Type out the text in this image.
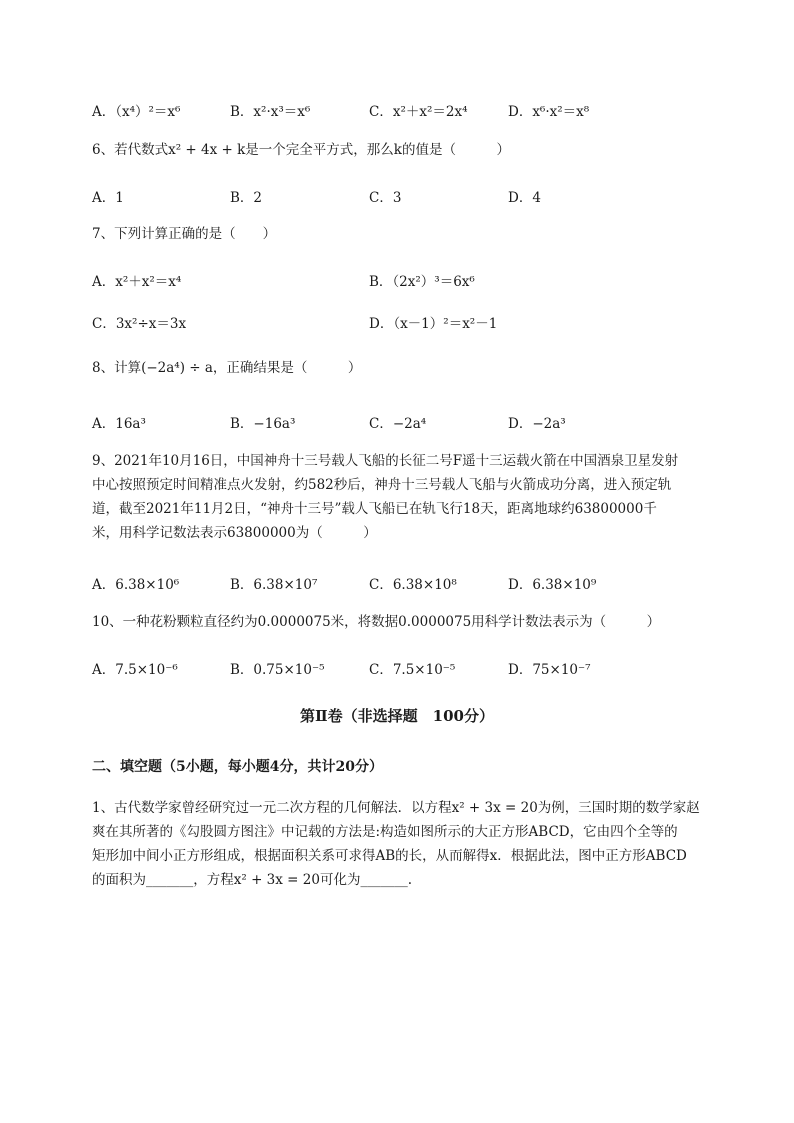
A．（x⁴）²＝x⁶	B．x²·x³＝x⁶	C．x²＋x²＝2x⁴	D．x⁶·x²＝x⁸
6、若代数式x² + 4x + k是一个完全平方式，那么k的值是（　　　）
A．1	B．2	C．3	D．4
7、下列计算正确的是（　　）
A．x²＋x²＝x⁴	B．（2x²）³＝6x⁶
C．3x²÷x＝3x	D．（x－1）²＝x²－1
8、计算(−2a⁴) ÷ a，正确结果是（　　　）
A．16a³	B．−16a³	C．−2a⁴	D．−2a³
9、2021年10月16日，中国神舟十三号载人飞船的长征二号F遥十三运载火箭在中国酒泉卫星发射
中心按照预定时间精准点火发射，约582秒后，神舟十三号载人飞船与火箭成功分离，进入预定轨
道，截至2021年11月2日，“神舟十三号”载人飞船已在轨飞行18天，距离地球约63800000千
米，用科学记数法表示63800000为（　　　）
A．6.38×10⁶	B．6.38×10⁷	C．6.38×10⁸	D．6.38×10⁹
10、一种花粉颗粒直径约为0.0000075米，将数据0.0000075用科学计数法表示为（　　　）
A．7.5×10⁻⁶	B．0.75×10⁻⁵	C．7.5×10⁻⁵	D．75×10⁻⁷
第Ⅱ卷（非选择题　100分）
二、填空题（5小题，每小题4分，共计20分）
1、古代数学家曾经研究过一元二次方程的几何解法．以方程x² + 3x = 20为例，三国时期的数学家赵
爽在其所著的《勾股圆方图注》中记载的方法是:构造如图所示的大正方形ABCD，它由四个全等的
矩形加中间小正方形组成，根据面积关系可求得AB的长，从而解得x．根据此法，图中正方形ABCD
的面积为_______，方程x² + 3x = 20可化为_______.
